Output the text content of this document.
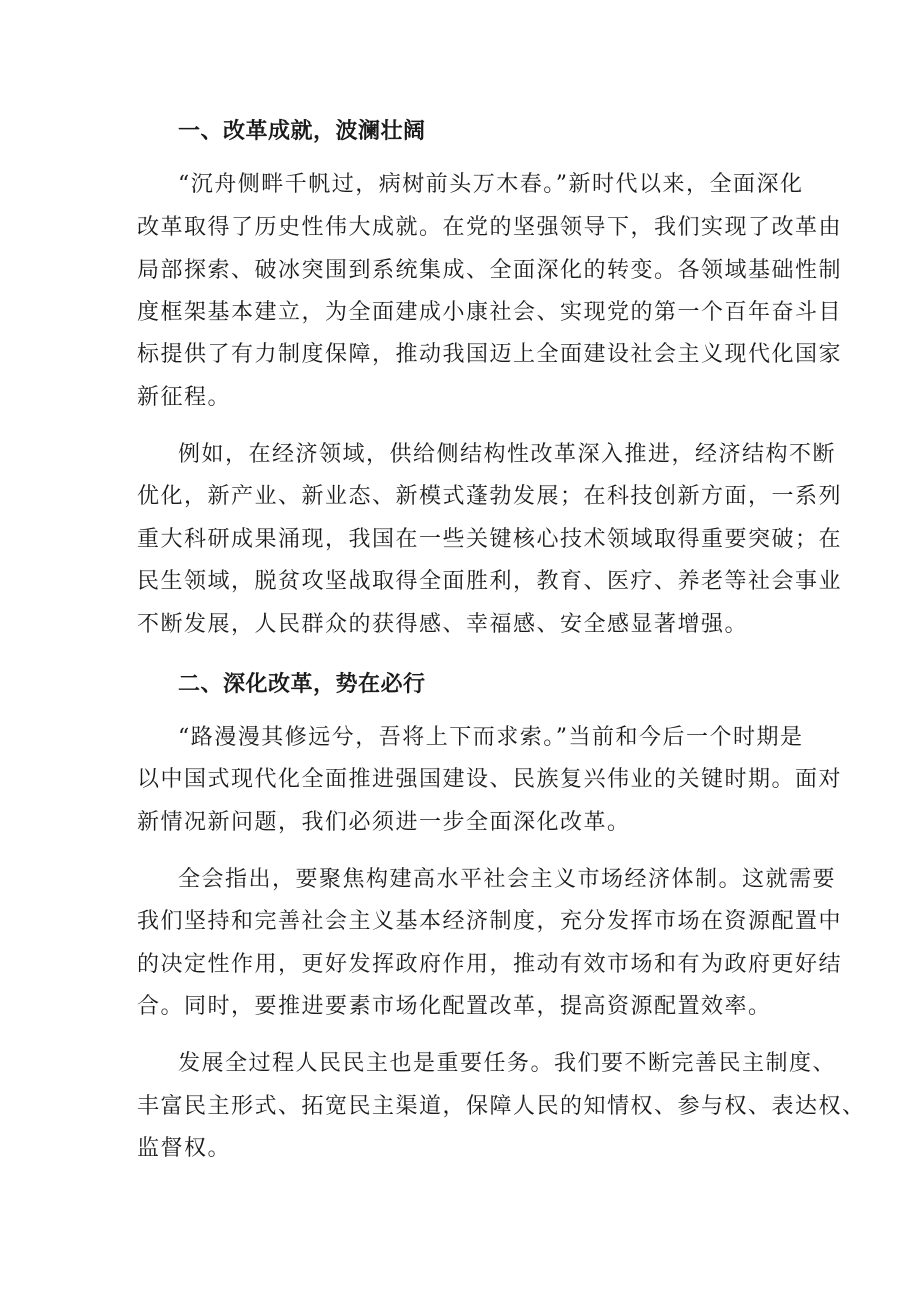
一、改革成就，波澜壮阔

“沉舟侧畔千帆过，病树前头万木春。”新时代以来，全面深化

改革取得了历史性伟大成就。在党的坚强领导下，我们实现了改革由

局部探索、破冰突围到系统集成、全面深化的转变。各领域基础性制

度框架基本建立，为全面建成小康社会、实现党的第一个百年奋斗目

标提供了有力制度保障，推动我国迈上全面建设社会主义现代化国家

新征程。

例如，在经济领域，供给侧结构性改革深入推进，经济结构不断

优化，新产业、新业态、新模式蓬勃发展；在科技创新方面，一系列

重大科研成果涌现，我国在一些关键核心技术领域取得重要突破；在

民生领域，脱贫攻坚战取得全面胜利，教育、医疗、养老等社会事业

不断发展，人民群众的获得感、幸福感、安全感显著增强。

二、深化改革，势在必行

“路漫漫其修远兮，吾将上下而求索。”当前和今后一个时期是

以中国式现代化全面推进强国建设、民族复兴伟业的关键时期。面对

新情况新问题，我们必须进一步全面深化改革。

全会指出，要聚焦构建高水平社会主义市场经济体制。这就需要

我们坚持和完善社会主义基本经济制度，充分发挥市场在资源配置中

的决定性作用，更好发挥政府作用，推动有效市场和有为政府更好结

合。同时，要推进要素市场化配置改革，提高资源配置效率。

发展全过程人民民主也是重要任务。我们要不断完善民主制度、

丰富民主形式、拓宽民主渠道，保障人民的知情权、参与权、表达权、

监督权。
